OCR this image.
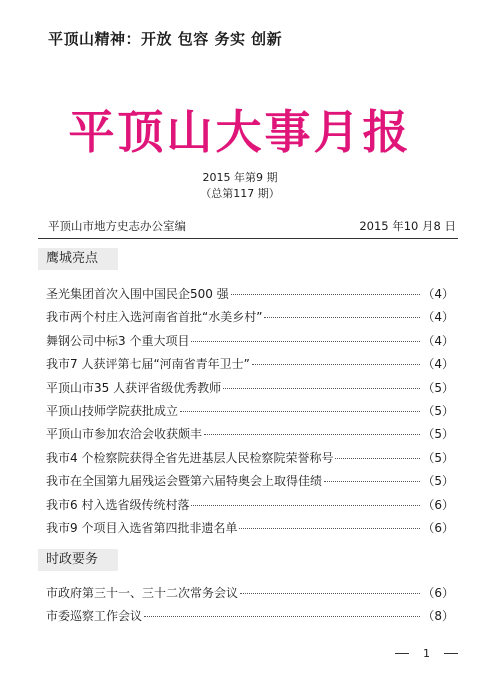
平顶山精神：开放 包容 务实 创新
平顶山大事月报
2015 年第9 期
（总第117 期）
平顶山市地方史志办公室编	2015 年10 月8 日
鹰城亮点
圣光集团首次入围中国民企500 强	（4）
我市两个村庄入选河南省首批“水美乡村”	（4）
舞钢公司中标3 个重大项目	（4）
我市7 人获评第七届“河南省青年卫士”	（4）
平顶山市35 人获评省级优秀教师	（5）
平顶山技师学院获批成立	（5）
平顶山市参加农洽会收获颇丰	（5）
我市4 个检察院获得全省先进基层人民检察院荣誉称号	（5）
我市在全国第九届残运会暨第六届特奥会上取得佳绩	（5）
我市6 村入选省级传统村落	（6）
我市9 个项目入选省第四批非遗名单	（6）
时政要务
市政府第三十一、三十二次常务会议	（6）
市委巡察工作会议	（8）
1
